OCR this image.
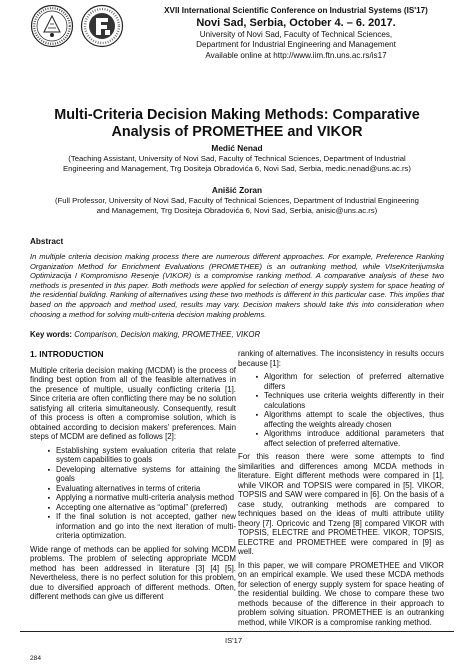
XVII International Scientific Conference on Industrial Systems (IS'17)
Novi Sad, Serbia, October 4. – 6. 2017.
University of Novi Sad, Faculty of Technical Sciences,
Department for Industrial Engineering and Management
Available online at http://www.iim.ftn.uns.ac.rs/is17
Multi-Criteria Decision Making Methods: Comparative Analysis of PROMETHEE and VIKOR
Medić Nenad
(Teaching Assistant, University of Novi Sad, Faculty of Technical Sciences, Department of Industrial Engineering and Management, Trg Dositeja Obradovića 6, Novi Sad, Serbia, medic.nenad@uns.ac.rs)
Anišić Zoran
(Full Professor, University of Novi Sad, Faculty of Technical Sciences, Department of Industrial Engineering and Management, Trg Dositeja Obradovića 6, Novi Sad, Serbia, anisic@uns.ac.rs)
Abstract
In multiple criteria decision making process there are numerous different approaches. For example, Preference Ranking Organization Method for Enrichment Evaluations (PROMETHEE) is an outranking method, while VIseKriterijumska Optimizacija I Kompromisno Resenje (VIKOR) is a compromise ranking method. A comparative analysis of these two methods is presented in this paper. Both methods were applied for selection of energy supply system for space heating of the residential building. Ranking of alternatives using these two methods is different in this particular case. This implies that based on the approach and method used, results may vary. Decision makers should take this into consideration when choosing a method for solving multi-criteria decision making problems.
Key words: Comparison, Decision making, PROMETHEE, VIKOR
1. INTRODUCTION

Multiple criteria decision making (MCDM) is the process of finding best option from all of the feasible alternatives in the presence of multiple, usually conflicting criteria [1]. Since criteria are often conflicting there may be no solution satisfying all criteria simultaneously. Consequently, result of this process is often a compromise solution, which is obtained according to decision makers' preferences. Main steps of MCDM are defined as follows [2]:

• Establishing system evaluation criteria that relate system capabilities to goals
• Developing alternative systems for attaining the goals
• Evaluating alternatives in terms of criteria
• Applying a normative multi-criteria analysis method
• Accepting one alternative as “optimal” (preferred)
• If the final solution is not accepted, gather new information and go into the next iteration of multi-criteria optimization.

Wide range of methods can be applied for solving MCDM problems. The problem of selecting appropriate MCDM method has been addressed in literature [3] [4] [5]. Nevertheless, there is no perfect solution for this problem, due to diversified approach of different methods. Often, different methods can give us different

ranking of alternatives. The inconsistency in results occurs because [1]:

• Algorithm for selection of preferred alternative differs
• Techniques use criteria weights differently in their calculations
• Algorithms attempt to scale the objectives, thus affecting the weights already chosen
• Algorithms introduce additional parameters that affect selection of preferred alternative.

For this reason there were some attempts to find similarities and differences among MCDA methods in literature. Eight different methods were compared in [1], while VIKOR and TOPSIS were compared in [5]. VIKOR, TOPSIS and SAW were compared in [6]. On the basis of a case study, outranking methods are compared to techniques based on the ideas of multi attribute utility theory [7]. Opricovic and Tzeng [8] compared VIKOR with TOPSIS, ELECTRE and PROMETHEE. VIKOR, TOPSIS, ELECTRE and PROMETHEE were compared in [9] as well.

In this paper, we will compare PROMETHEE and VIKOR on an empirical example. We used these MCDA methods for selection of energy supply system for space heating of the residential building. We chose to compare these two methods because of the difference in their approach to problem solving situation. PROMETHEE is an outranking method, while VIKOR is a compromise ranking method.

IS'17
284
